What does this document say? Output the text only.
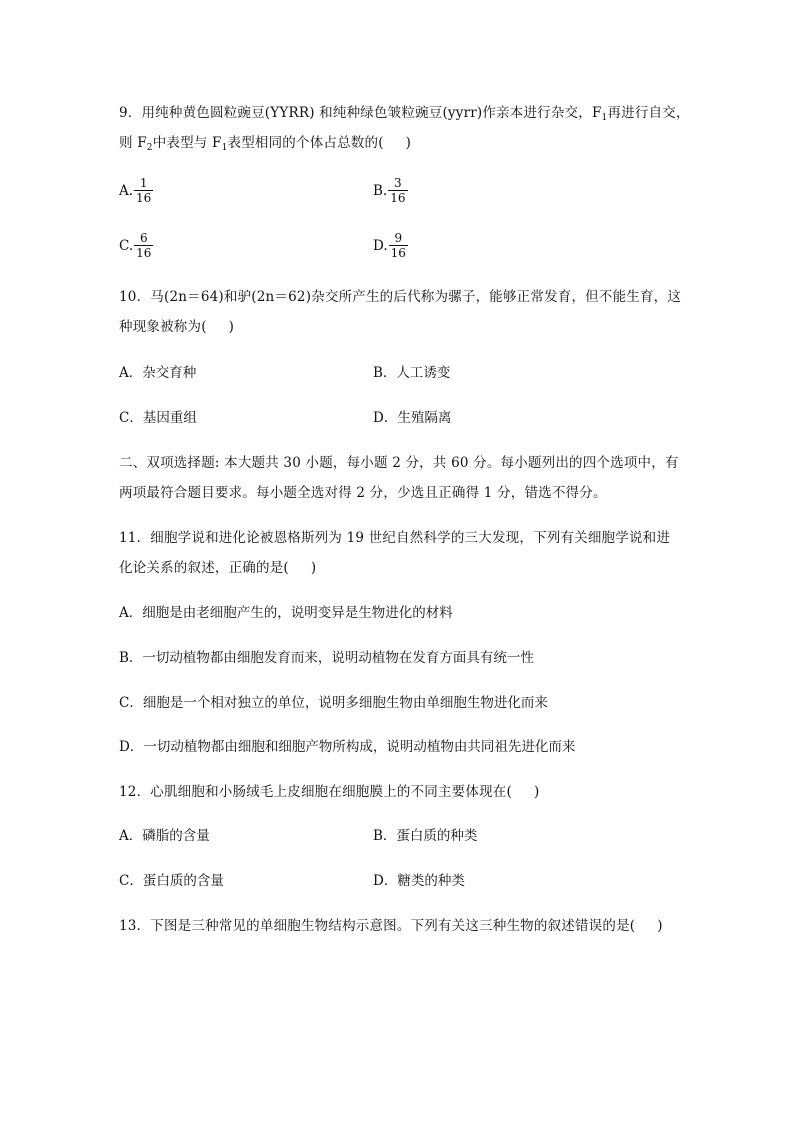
9．用纯种黄色圆粒豌豆(YYRR) 和纯种绿色皱粒豌豆(yyrr)作亲本进行杂交，$F_1$再进行自交，
则 $F_2$中表型与 $F_1$表型相同的个体占总数的( )
A. $\frac{1}{16}$	B. $\frac{3}{16}$
C. $\frac{6}{16}$	D. $\frac{9}{16}$
10．马(2n＝64)和驴(2n＝62)杂交所产生的后代称为骡子，能够正常发育，但不能生育，这
种现象被称为( )
A．杂交育种	B．人工诱变
C．基因重组	D．生殖隔离
二、双项选择题: 本大题共 30 小题，每小题 2 分，共 60 分。每小题列出的四个选项中，有
两项最符合题目要求。每小题全选对得 2 分，少选且正确得 1 分，错选不得分。
11．细胞学说和进化论被恩格斯列为 19 世纪自然科学的三大发现，下列有关细胞学说和进
化论关系的叙述，正确的是( )
A．细胞是由老细胞产生的，说明变异是生物进化的材料
B．一切动植物都由细胞发育而来，说明动植物在发育方面具有统一性
C．细胞是一个相对独立的单位，说明多细胞生物由单细胞生物进化而来
D．一切动植物都由细胞和细胞产物所构成，说明动植物由共同祖先进化而来
12．心肌细胞和小肠绒毛上皮细胞在细胞膜上的不同主要体现在( )
A．磷脂的含量	B．蛋白质的种类
C．蛋白质的含量	D．糖类的种类
13．下图是三种常见的单细胞生物结构示意图。下列有关这三种生物的叙述错误的是( )
